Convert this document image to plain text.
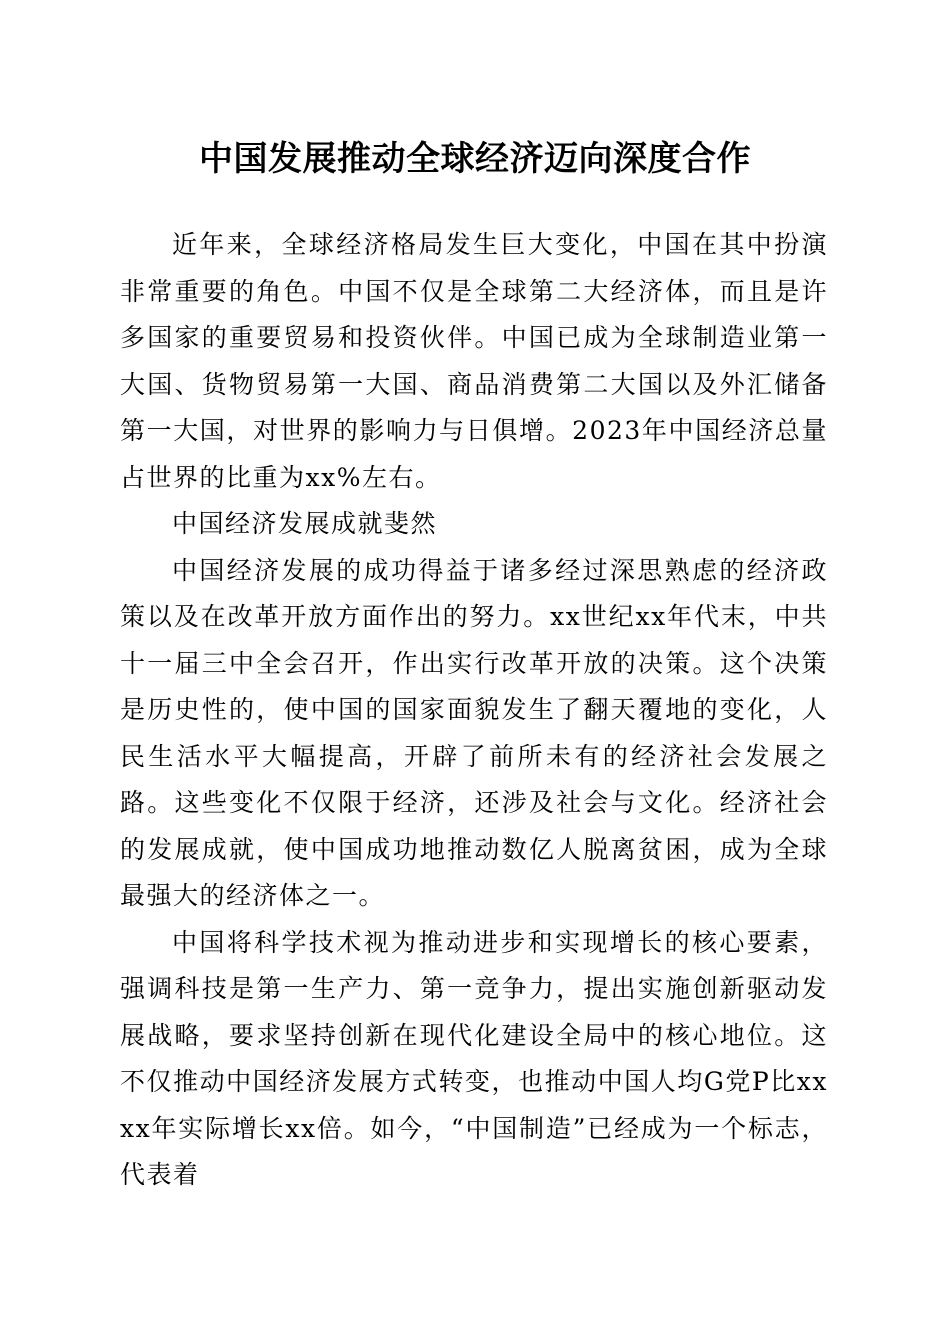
中国发展推动全球经济迈向深度合作

近年来，全球经济格局发生巨大变化，中国在其中扮演非常重要的角色。中国不仅是全球第二大经济体，而且是许多国家的重要贸易和投资伙伴。中国已成为全球制造业第一大国、货物贸易第一大国、商品消费第二大国以及外汇储备第一大国，对世界的影响力与日俱增。2023年中国经济总量占世界的比重为xx%左右。

中国经济发展成就斐然

中国经济发展的成功得益于诸多经过深思熟虑的经济政策以及在改革开放方面作出的努力。xx世纪xx年代末，中共十一届三中全会召开，作出实行改革开放的决策。这个决策是历史性的，使中国的国家面貌发生了翻天覆地的变化，人民生活水平大幅提高，开辟了前所未有的经济社会发展之路。这些变化不仅限于经济，还涉及社会与文化。经济社会的发展成就，使中国成功地推动数亿人脱离贫困，成为全球最强大的经济体之一。

中国将科学技术视为推动进步和实现增长的核心要素，强调科技是第一生产力、第一竞争力，提出实施创新驱动发展战略，要求坚持创新在现代化建设全局中的核心地位。这不仅推动中国经济发展方式转变，也推动中国人均G党P比xxxx年实际增长xx倍。如今，“中国制造”已经成为一个标志，代表着
